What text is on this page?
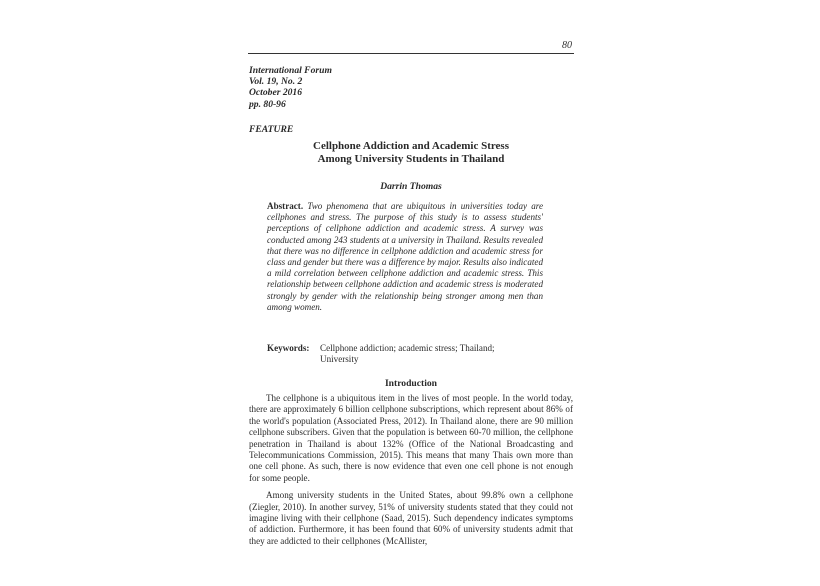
80
International Forum
Vol. 19, No. 2
October 2016
pp. 80-96
FEATURE
Cellphone Addiction and Academic Stress
Among University Students in Thailand
Darrin Thomas
Abstract. Two phenomena that are ubiquitous in universities today are cellphones and stress. The purpose of this study is to assess students' perceptions of cellphone addiction and academic stress. A survey was conducted among 243 students at a university in Thailand. Results revealed that there was no difference in cellphone addiction and academic stress for class and gender but there was a difference by major. Results also indicated a mild correlation between cellphone addiction and academic stress. This relationship between cellphone addiction and academic stress is moderated strongly by gender with the relationship being stronger among men than among women.
Keywords: Cellphone addiction; academic stress; Thailand; University
Introduction

The cellphone is a ubiquitous item in the lives of most people. In the world today, there are approximately 6 billion cellphone subscriptions, which represent about 86% of the world's population (Associated Press, 2012). In Thailand alone, there are 90 million cellphone subscribers. Given that the population is between 60-70 million, the cellphone penetration in Thailand is about 132% (Office of the National Broadcasting and Telecommunications Commission, 2015). This means that many Thais own more than one cell phone. As such, there is now evidence that even one cell phone is not enough for some people.

Among university students in the United States, about 99.8% own a cellphone (Ziegler, 2010). In another survey, 51% of university students stated that they could not imagine living with their cellphone (Saad, 2015). Such dependency indicates symptoms of addiction. Furthermore, it has been found that 60% of university students admit that they are addicted to their cellphones (McAllister,
